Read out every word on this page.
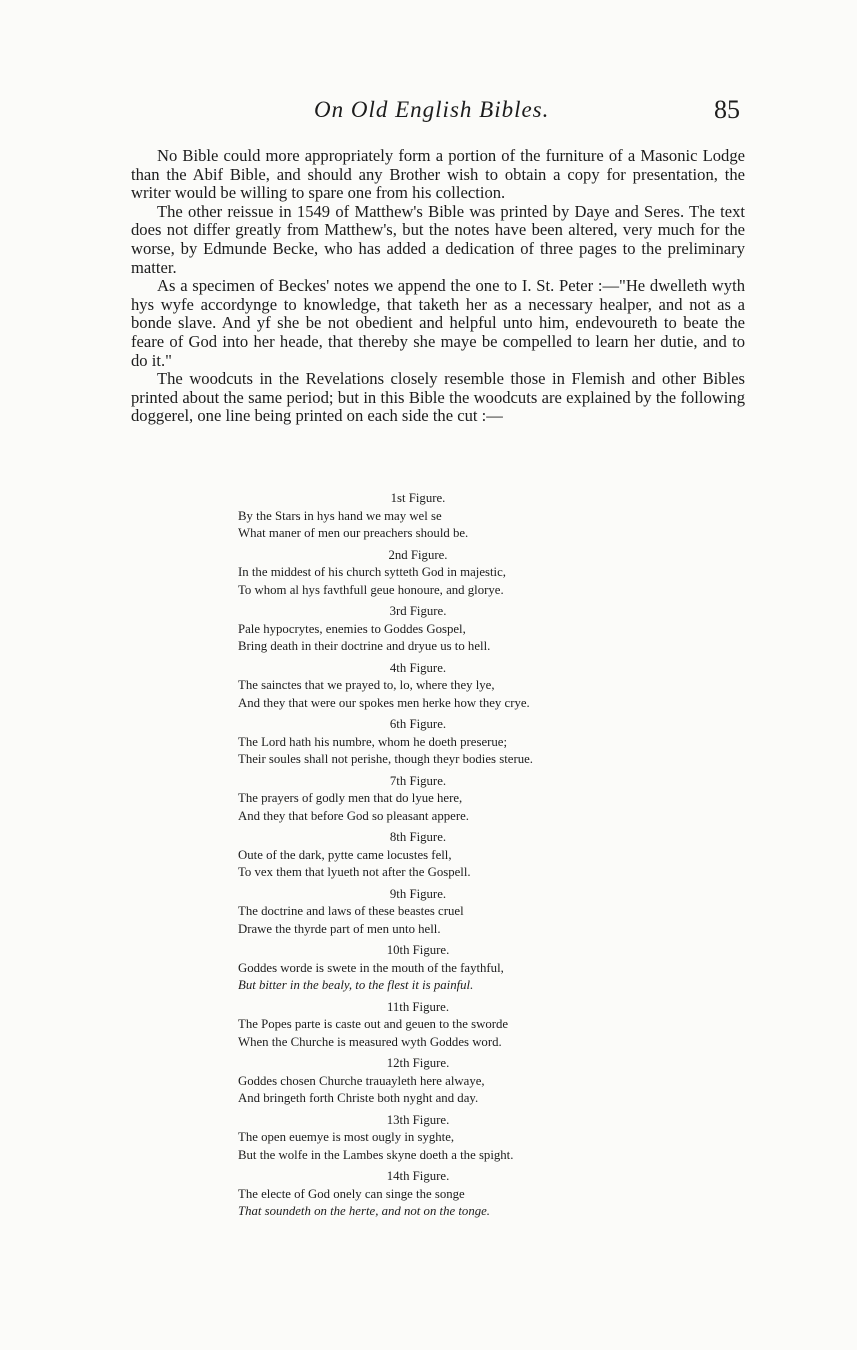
On Old English Bibles.	85

No Bible could more appropriately form a portion of the furniture of a Masonic Lodge than the Abif Bible, and should any Brother wish to obtain a copy for presentation, the writer would be willing to spare one from his collection.

The other reissue in 1549 of Matthew's Bible was printed by Daye and Seres. The text does not differ greatly from Matthew's, but the notes have been altered, very much for the worse, by Edmunde Becke, who has added a dedication of three pages to the preliminary matter.

As a specimen of Beckes' notes we append the one to I. St. Peter :—"He dwelleth wyth hys wyfe accordynge to knowledge, that taketh her as a necessary healper, and not as a bonde slave. And yf she be not obedient and helpful unto him, endevoureth to beate the feare of God into her heade, that thereby she maye be compelled to learn her dutie, and to do it."

The woodcuts in the Revelations closely resemble those in Flemish and other Bibles printed about the same period; but in this Bible the woodcuts are explained by the following doggerel, one line being printed on each side the cut :—

1st Figure.
By the Stars in hys hand we may wel se
What maner of men our preachers should be.
2nd Figure.
In the middest of his church sytteth God in majestic,
To whom al hys favthfull geue honoure, and glorye.
3rd Figure.
Pale hypocrytes, enemies to Goddes Gospel,
Bring death in their doctrine and dryue us to hell.
4th Figure.
The sainctes that we prayed to, lo, where they lye,
And they that were our spokes men herke how they crye.
6th Figure.
The Lord hath his numbre, whom he doeth preserue;
Their soules shall not perishe, though theyr bodies sterue.
7th Figure.
The prayers of godly men that do lyue here,
And they that before God so pleasant appere.
8th Figure.
Oute of the dark, pytte came locustes fell,
To vex them that lyueth not after the Gospell.
9th Figure.
The doctrine and laws of these beastes cruel
Drawe the thyrde part of men unto hell.
10th Figure.
Goddes worde is swete in the mouth of the faythful,
But bitter in the bealy, to the flest it is painful.
11th Figure.
The Popes parte is caste out and geuen to the sworde
When the Churche is measured wyth Goddes word.
12th Figure.
Goddes chosen Churche trauayleth here alwaye,
And bringeth forth Christe both nyght and day.
13th Figure.
The open euemye is most ougly in syghte,
But the wolfe in the Lambes skyne doeth a the spight.
14th Figure.
The electe of God onely can singe the songe
That soundeth on the herte, and not on the tonge.
